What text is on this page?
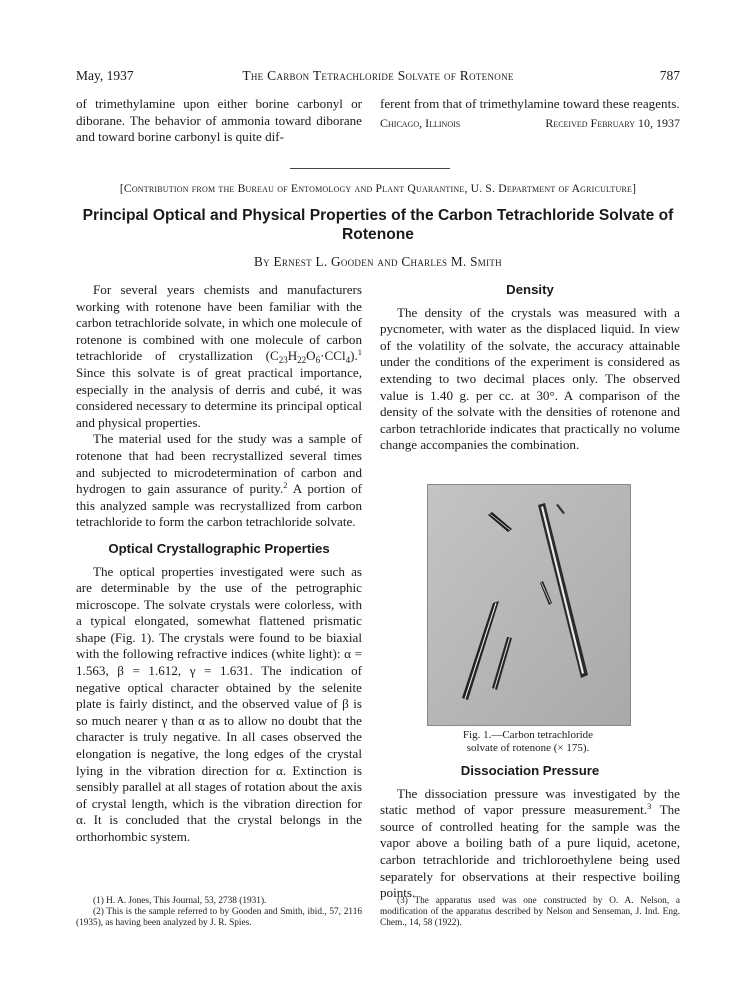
May, 1937	The Carbon Tetrachloride Solvate of Rotenone	787

of trimethylamine upon either borine carbonyl or diborane. The behavior of ammonia toward diborane and toward borine carbonyl is quite dif-

ferent from that of trimethylamine toward these reagents.

Chicago, Illinois	Received February 10, 1937

[Contribution from the Bureau of Entomology and Plant Quarantine, U. S. Department of Agriculture]
Principal Optical and Physical Properties of the Carbon Tetrachloride Solvate of Rotenone
By Ernest L. Gooden and Charles M. Smith

For several years chemists and manufacturers working with rotenone have been familiar with the carbon tetrachloride solvate, in which one molecule of rotenone is combined with one molecule of carbon tetrachloride of crystallization $(C_{23}H_{22}O_6\cdot CCl_4).^1$ Since this solvate is of great practical importance, especially in the analysis of derris and cubé, it was considered necessary to determine its principal optical and physical properties.

The material used for the study was a sample of rotenone that had been recrystallized several times and subjected to microdetermination of carbon and hydrogen to gain assurance of purity.$^2$ A portion of this analyzed sample was recrystallized from carbon tetrachloride to form the carbon tetrachloride solvate.

Optical Crystallographic Properties

The optical properties investigated were such as are determinable by the use of the petrographic microscope. The solvate crystals were colorless, with a typical elongated, somewhat flattened prismatic shape (Fig. 1). The crystals were found to be biaxial with the following refractive indices (white light): α = 1.563, β = 1.612, γ = 1.631. The indication of negative optical character obtained by the selenite plate is fairly distinct, and the observed value of β is so much nearer γ than α as to allow no doubt that the character is truly negative. In all cases observed the elongation is negative, the long edges of the crystal lying in the vibration direction for α. Extinction is sensibly parallel at all stages of rotation about the axis of crystal length, which is the vibration direction for α. It is concluded that the crystal belongs in the orthorhombic system.

Density

The density of the crystals was measured with a pycnometer, with water as the displaced liquid. In view of the volatility of the solvate, the accuracy attainable under the conditions of the experiment is considered as extending to two decimal places only. The observed value is 1.40 g. per cc. at 30°. A comparison of the density of the solvate with the densities of rotenone and carbon tetrachloride indicates that practically no volume change accompanies the combination.

Fig. 1.—Carbon tetrachloride
solvate of rotenone (× 175).

Dissociation Pressure

The dissociation pressure was investigated by the static method of vapor pressure measurement.$^3$ The source of controlled heating for the sample was the vapor above a boiling bath of a pure liquid, acetone, carbon tetrachloride and trichloroethylene being used separately for observations at their respective boiling points.

(1) H. A. Jones, This Journal, 53, 2738 (1931).

(2) This is the sample referred to by Gooden and Smith, ibid., 57, 2116 (1935), as having been analyzed by J. R. Spies.

(3) The apparatus used was one constructed by O. A. Nelson, a modification of the apparatus described by Nelson and Senseman, J. Ind. Eng. Chem., 14, 58 (1922).
